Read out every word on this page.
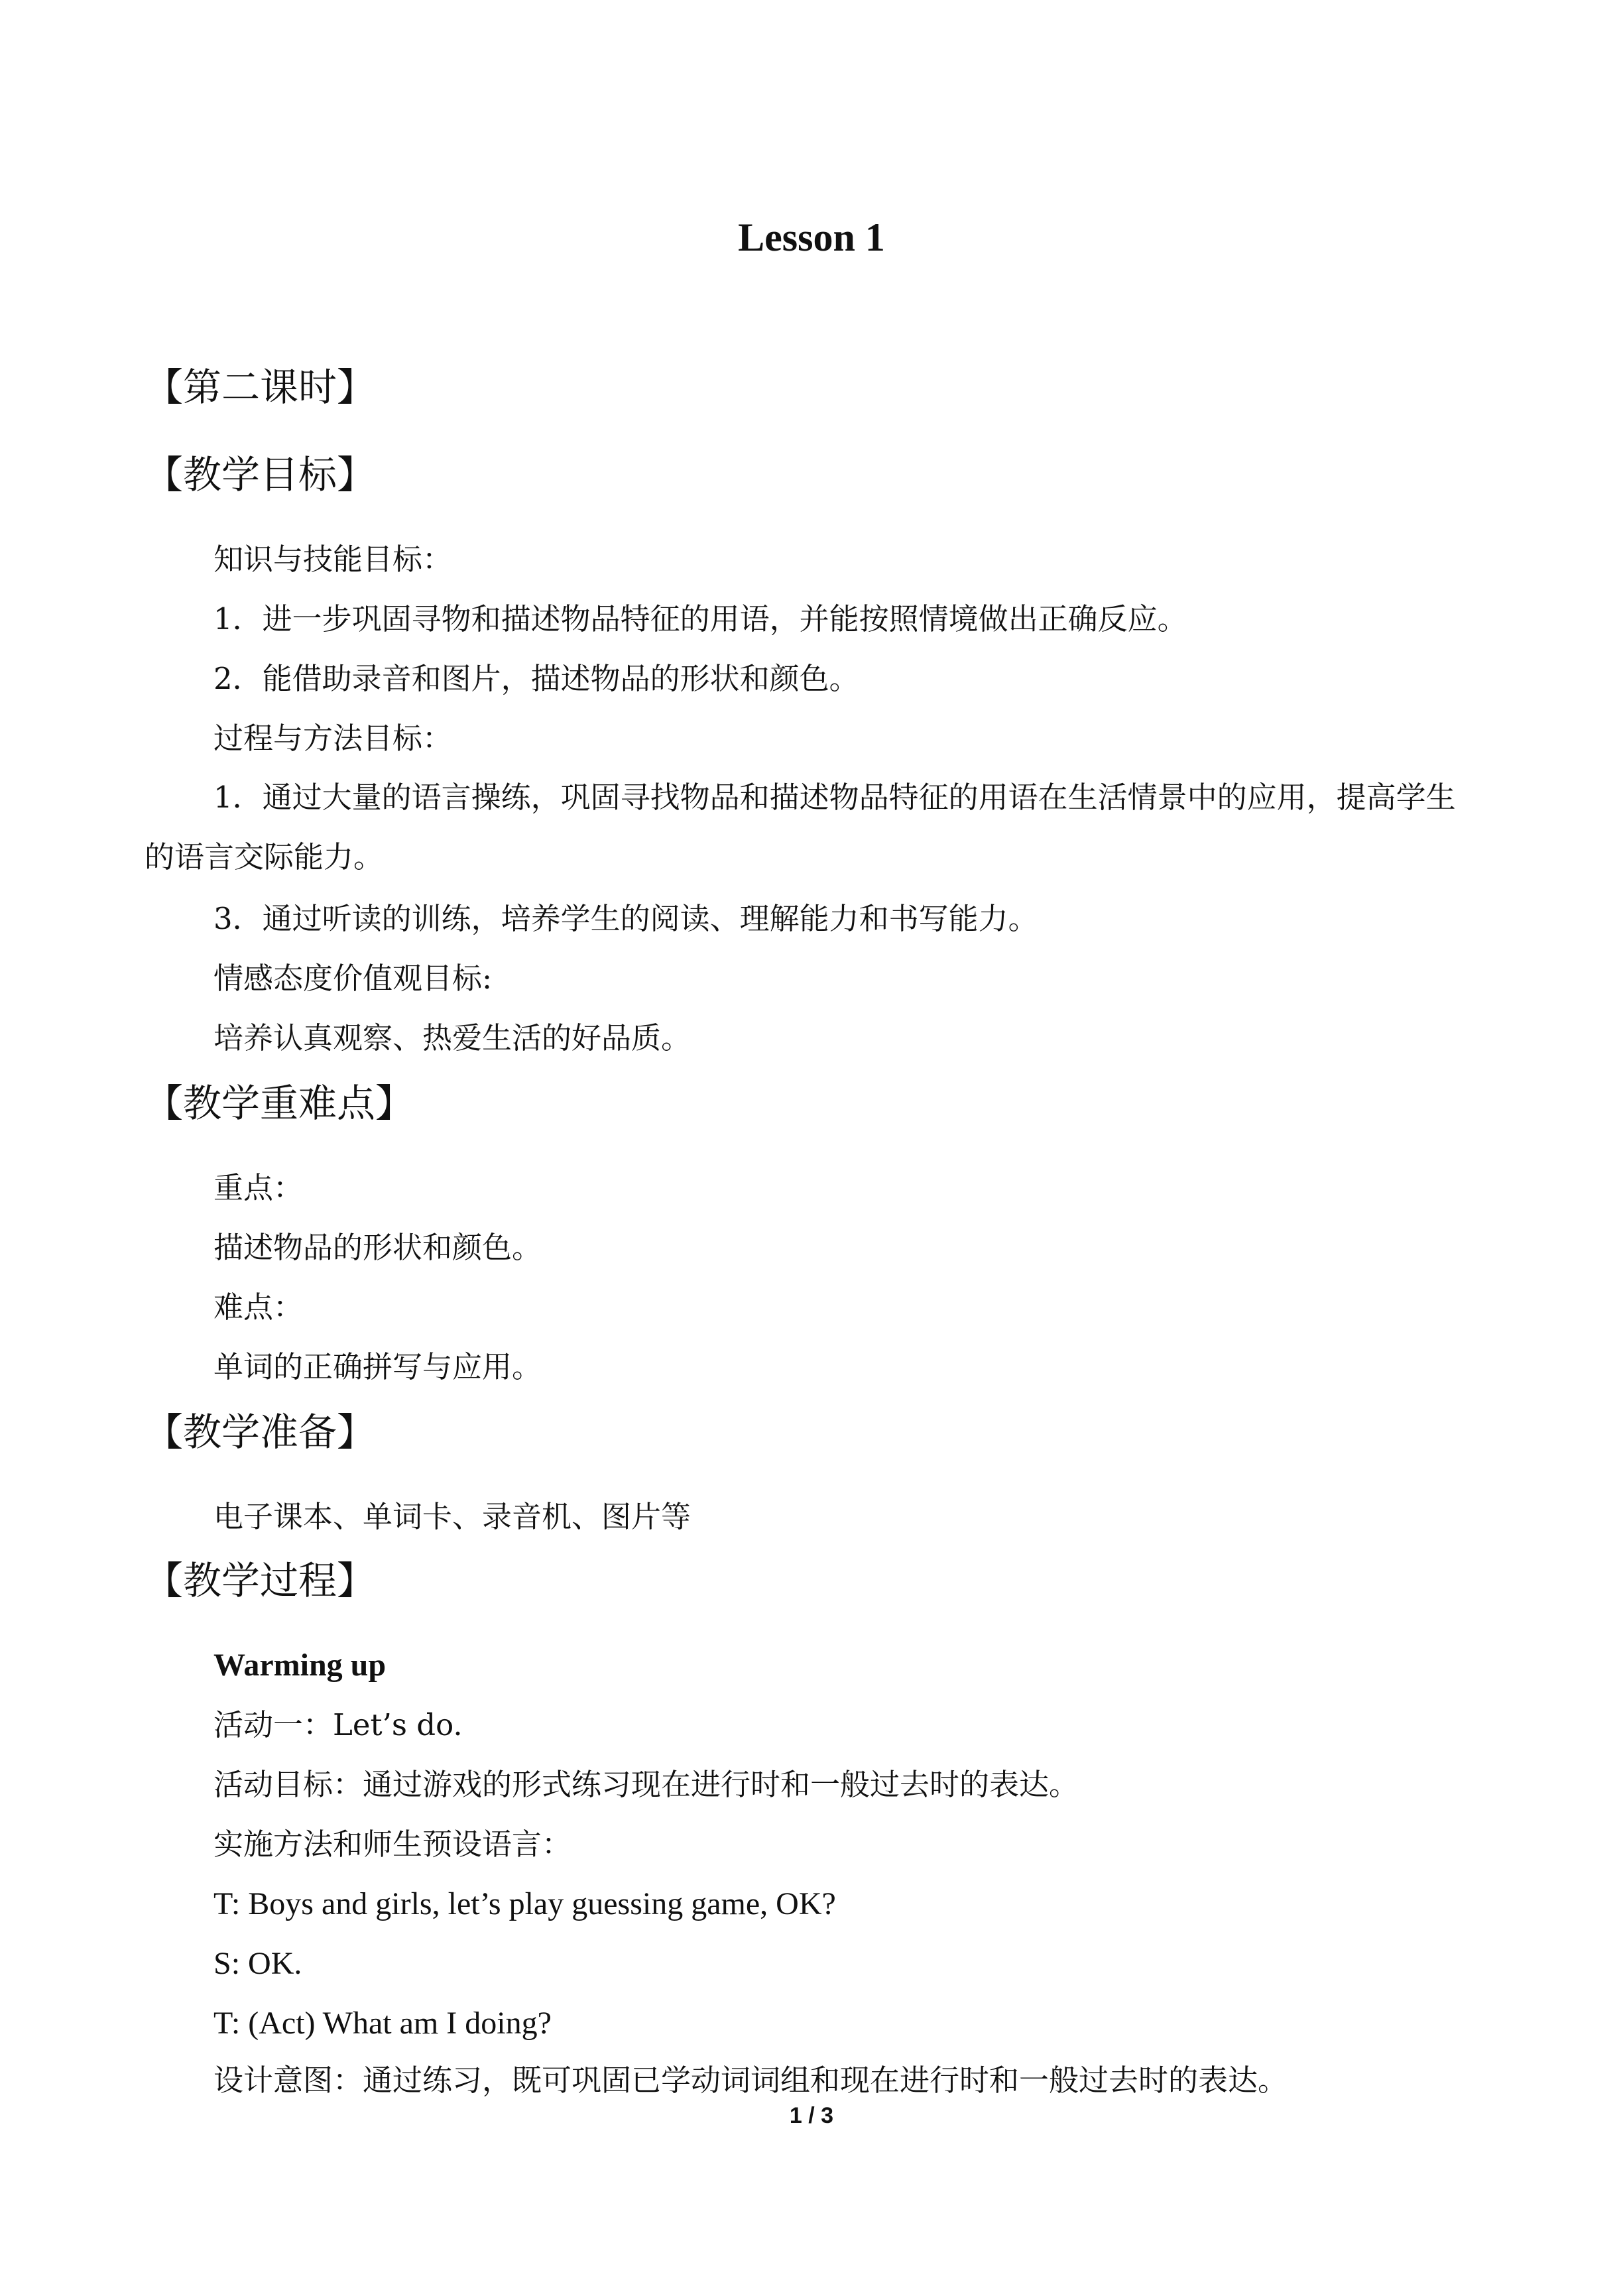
Lesson 1
【第二课时】
【教学目标】
知识与技能目标：
1．进一步巩固寻物和描述物品特征的用语，并能按照情境做出正确反应。
2．能借助录音和图片，描述物品的形状和颜色。
过程与方法目标：
1．通过大量的语言操练，巩固寻找物品和描述物品特征的用语在生活情景中的应用，提高学生的语言交际能力。
3．通过听读的训练，培养学生的阅读、理解能力和书写能力。
情感态度价值观目标:
培养认真观察、热爱生活的好品质。
【教学重难点】
重点：
描述物品的形状和颜色。
难点：
单词的正确拼写与应用。
【教学准备】
电子课本、单词卡、录音机、图片等
【教学过程】
Warming up
活动一：Let’s do.
活动目标：通过游戏的形式练习现在进行时和一般过去时的表达。
实施方法和师生预设语言：
T: Boys and girls, let’s play guessing game, OK?
S: OK.
T: (Act) What am I doing?
设计意图：通过练习，既可巩固已学动词词组和现在进行时和一般过去时的表达。
1 / 3
